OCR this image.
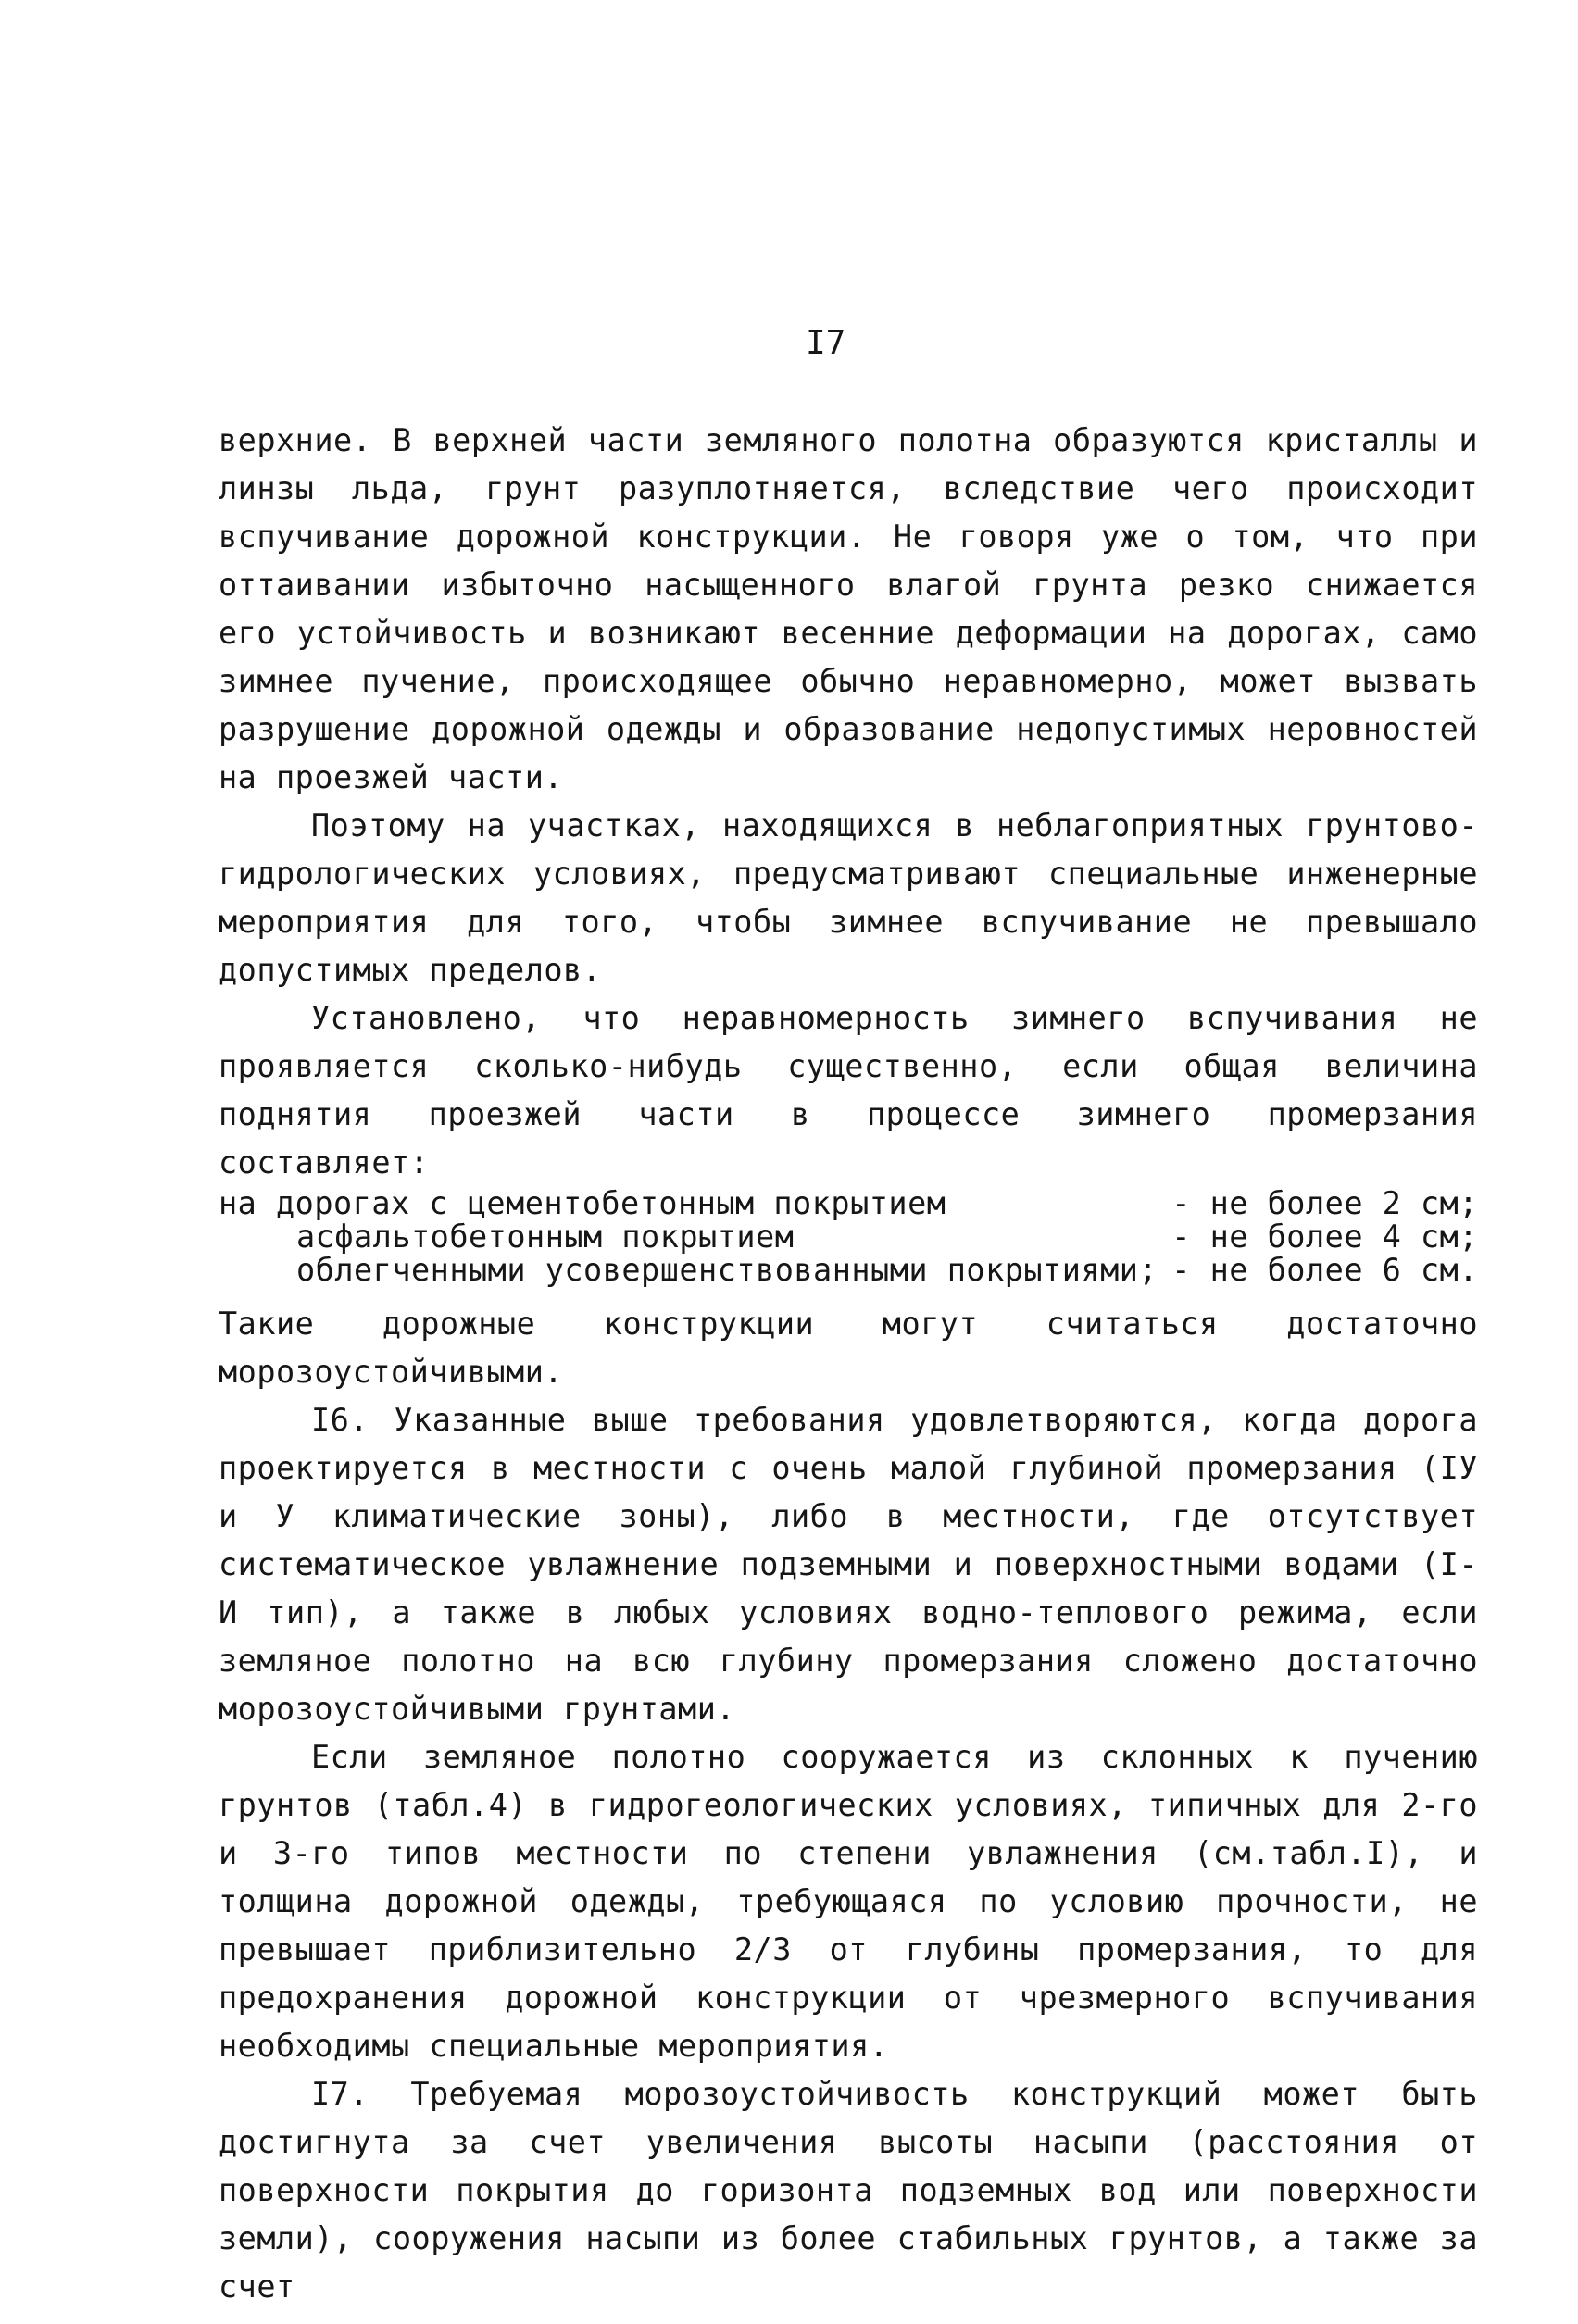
I7

верхние. В верхней части земляного полотна образуются кристаллы и линзы льда, грунт разуплотняется, вследствие чего происходит вспучивание дорожной конструкции. Не говоря уже о том, что при оттаивании избыточно насыщенного влагой грунта резко снижается его устойчивость и возникают весенние деформации на дорогах, само зимнее пучение, происходящее обычно неравномерно, может вызвать разрушение дорожной одежды и образование недопустимых неровностей на проезжей части.

Поэтому на участках, находящихся в неблагоприятных грунтово-гидрологических условиях, предусматривают специальные инженерные мероприятия для того, чтобы зимнее вспучивание не превышало допустимых пределов.

Установлено, что неравномерность зимнего вспучивания не проявляется сколько-нибудь существенно, если общая величина поднятия проезжей части в процессе зимнего промерзания составляет:

на дорогах с цементобетонным покрытием	- не более 2 см;
асфальтобетонным покрытием	- не более 4 см;
облегченными усовершенствованными покрытиями; - не более 6 см.

Такие дорожные конструкции могут считаться достаточно морозоустойчивыми.

I6. Указанные выше требования удовлетворяются, когда дорога проектируется в местности с очень малой глубиной промерзания (IУ и У климатические зоны), либо в местности, где отсутствует систематическое увлажнение подземными и поверхностными водами (I-И тип), а также в любых условиях водно-теплового режима, если земляное полотно на всю глубину промерзания сложено достаточно морозоустойчивыми грунтами.

Если земляное полотно сооружается из склонных к пучению грунтов (табл.4) в гидрогеологических условиях, типичных для 2-го и 3-го типов местности по степени увлажнения (см.табл.I), и толщина дорожной одежды, требующаяся по условию прочности, не превышает приблизительно 2/3 от глубины промерзания, то для предохранения дорожной конструкции от чрезмерного вспучивания необходимы специальные мероприятия.

I7. Требуемая морозоустойчивость конструкций может быть достигнута за счет увеличения высоты насыпи (расстояния от поверхности покрытия до горизонта подземных вод или поверхности земли), сооружения насыпи из более стабильных грунтов, а также за счет
